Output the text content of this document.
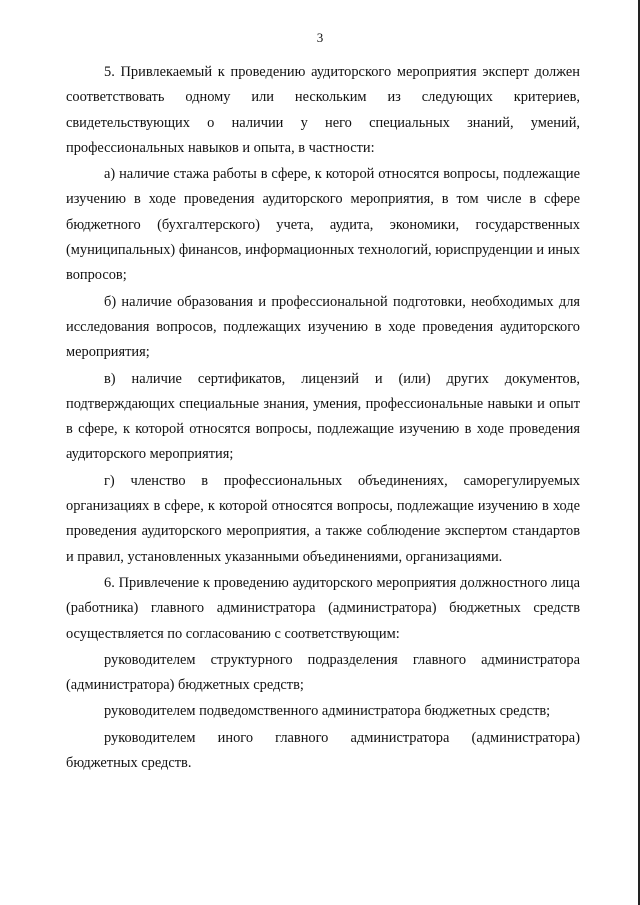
3

5. Привлекаемый к проведению аудиторского мероприятия эксперт должен соответствовать одному или нескольким из следующих критериев, свидетельствующих о наличии у него специальных знаний, умений, профессиональных навыков и опыта, в частности:

а) наличие стажа работы в сфере, к которой относятся вопросы, подлежащие изучению в ходе проведения аудиторского мероприятия, в том числе в сфере бюджетного (бухгалтерского) учета, аудита, экономики, государственных (муниципальных) финансов, информационных технологий, юриспруденции и иных вопросов;

б) наличие образования и профессиональной подготовки, необходимых для исследования вопросов, подлежащих изучению в ходе проведения аудиторского мероприятия;

в) наличие сертификатов, лицензий и (или) других документов, подтверждающих специальные знания, умения, профессиональные навыки и опыт в сфере, к которой относятся вопросы, подлежащие изучению в ходе проведения аудиторского мероприятия;

г) членство в профессиональных объединениях, саморегулируемых организациях в сфере, к которой относятся вопросы, подлежащие изучению в ходе проведения аудиторского мероприятия, а также соблюдение экспертом стандартов и правил, установленных указанными объединениями, организациями.

6. Привлечение к проведению аудиторского мероприятия должностного лица (работника) главного администратора (администратора) бюджетных средств осуществляется по согласованию с соответствующим:

руководителем структурного подразделения главного администратора (администратора) бюджетных средств;

руководителем подведомственного администратора бюджетных средств;

руководителем иного главного администратора (администратора) бюджетных средств.
